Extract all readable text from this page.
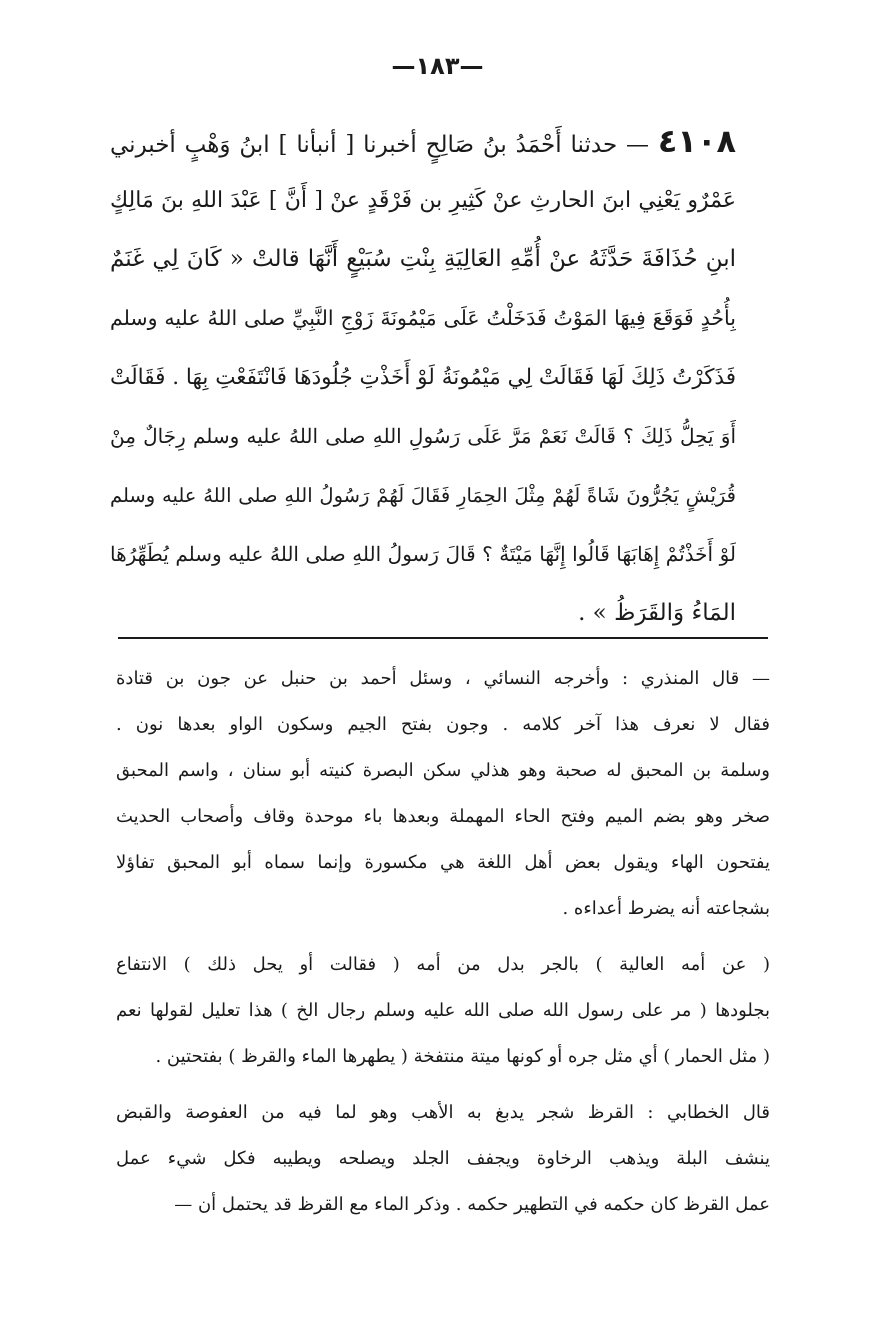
—١٨٣—
٤١٠٨ — حدثنا أَحْمَدُ بنُ صَالِحٍ أخبرنا [ أنبأنا ] ابنُ وَهْبٍ أخبرني
عَمْرٌو يَعْنِي ابنَ الحارثِ عنْ كَثِيرِ بن فَرْقَدٍ عنْ [ أَنَّ ] عَبْدَ اللهِ بنَ مَالِكٍ
ابنِ حُذَافَةَ حَدَّثَهُ عنْ أُمِّهِ العَالِيَةِ بِنْتِ سُبَيْعٍ أَنَّهَا قالتْ « كَانَ لِي غَنَمٌ
بِأُحُدٍ فَوَقَعَ فِيهَا المَوْتُ فَدَخَلْتُ عَلَى مَيْمُونَةَ زَوْجِ النَّبِيِّ صلى اللهُ عليه وسلم
فَذَكَرْتُ ذَلِكَ لَهَا فَقَالَتْ لِي مَيْمُونَةُ لَوْ أَخَذْتِ جُلُودَهَا فَانْتَفَعْتِ بِهَا . فَقَالَتْ
أَوَ يَحِلُّ ذَلِكَ ؟ قَالَتْ نَعَمْ مَرَّ عَلَى رَسُولِ اللهِ صلى اللهُ عليه وسلم رِجَالٌ مِنْ
قُرَيْشٍ يَجُرُّونَ شَاةً لَهُمْ مِثْلَ الحِمَارِ فَقَالَ لَهُمْ رَسُولُ اللهِ صلى اللهُ عليه وسلم
لَوْ أَخَذْتُمْ إِهَابَهَا قَالُوا إِنَّهَا مَيْتَةٌ ؟ قَالَ رَسولُ اللهِ صلى اللهُ عليه وسلم يُطَهِّرُهَا
المَاءُ وَالقَرَظُ » .
— قال المنذري : وأخرجه النسائي ، وسئل أحمد بن حنبل عن جون بن قتادة
فقال لا نعرف هذا آخر كلامه . وجون بفتح الجيم وسكون الواو بعدها نون .
وسلمة بن المحبق له صحبة وهو هذلي سكن البصرة كنيته أبو سنان ، واسم المحبق
صخر وهو بضم الميم وفتح الحاء المهملة وبعدها باء موحدة وقاف وأصحاب الحديث
يفتحون الهاء ويقول بعض أهل اللغة هي مكسورة وإنما سماه أبو المحبق تفاؤلا
بشجاعته أنه يضرط أعداءه .
( عن أمه العالية ) بالجر بدل من أمه ( فقالت أو يحل ذلك ) الانتفاع
بجلودها ( مر على رسول الله صلى الله عليه وسلم رجال الخ ) هذا تعليل لقولها نعم
( مثل الحمار ) أي مثل جره أو كونها ميتة منتفخة ( يطهرها الماء والقرظ ) بفتحتين .
قال الخطابي : القرظ شجر يدبغ به الأهب وهو لما فيه من العفوصة والقبض
ينشف البلة ويذهب الرخاوة ويجفف الجلد ويصلحه ويطيبه فكل شيء عمل
عمل القرظ كان حكمه في التطهير حكمه . وذكر الماء مع القرظ قد يحتمل أن —
